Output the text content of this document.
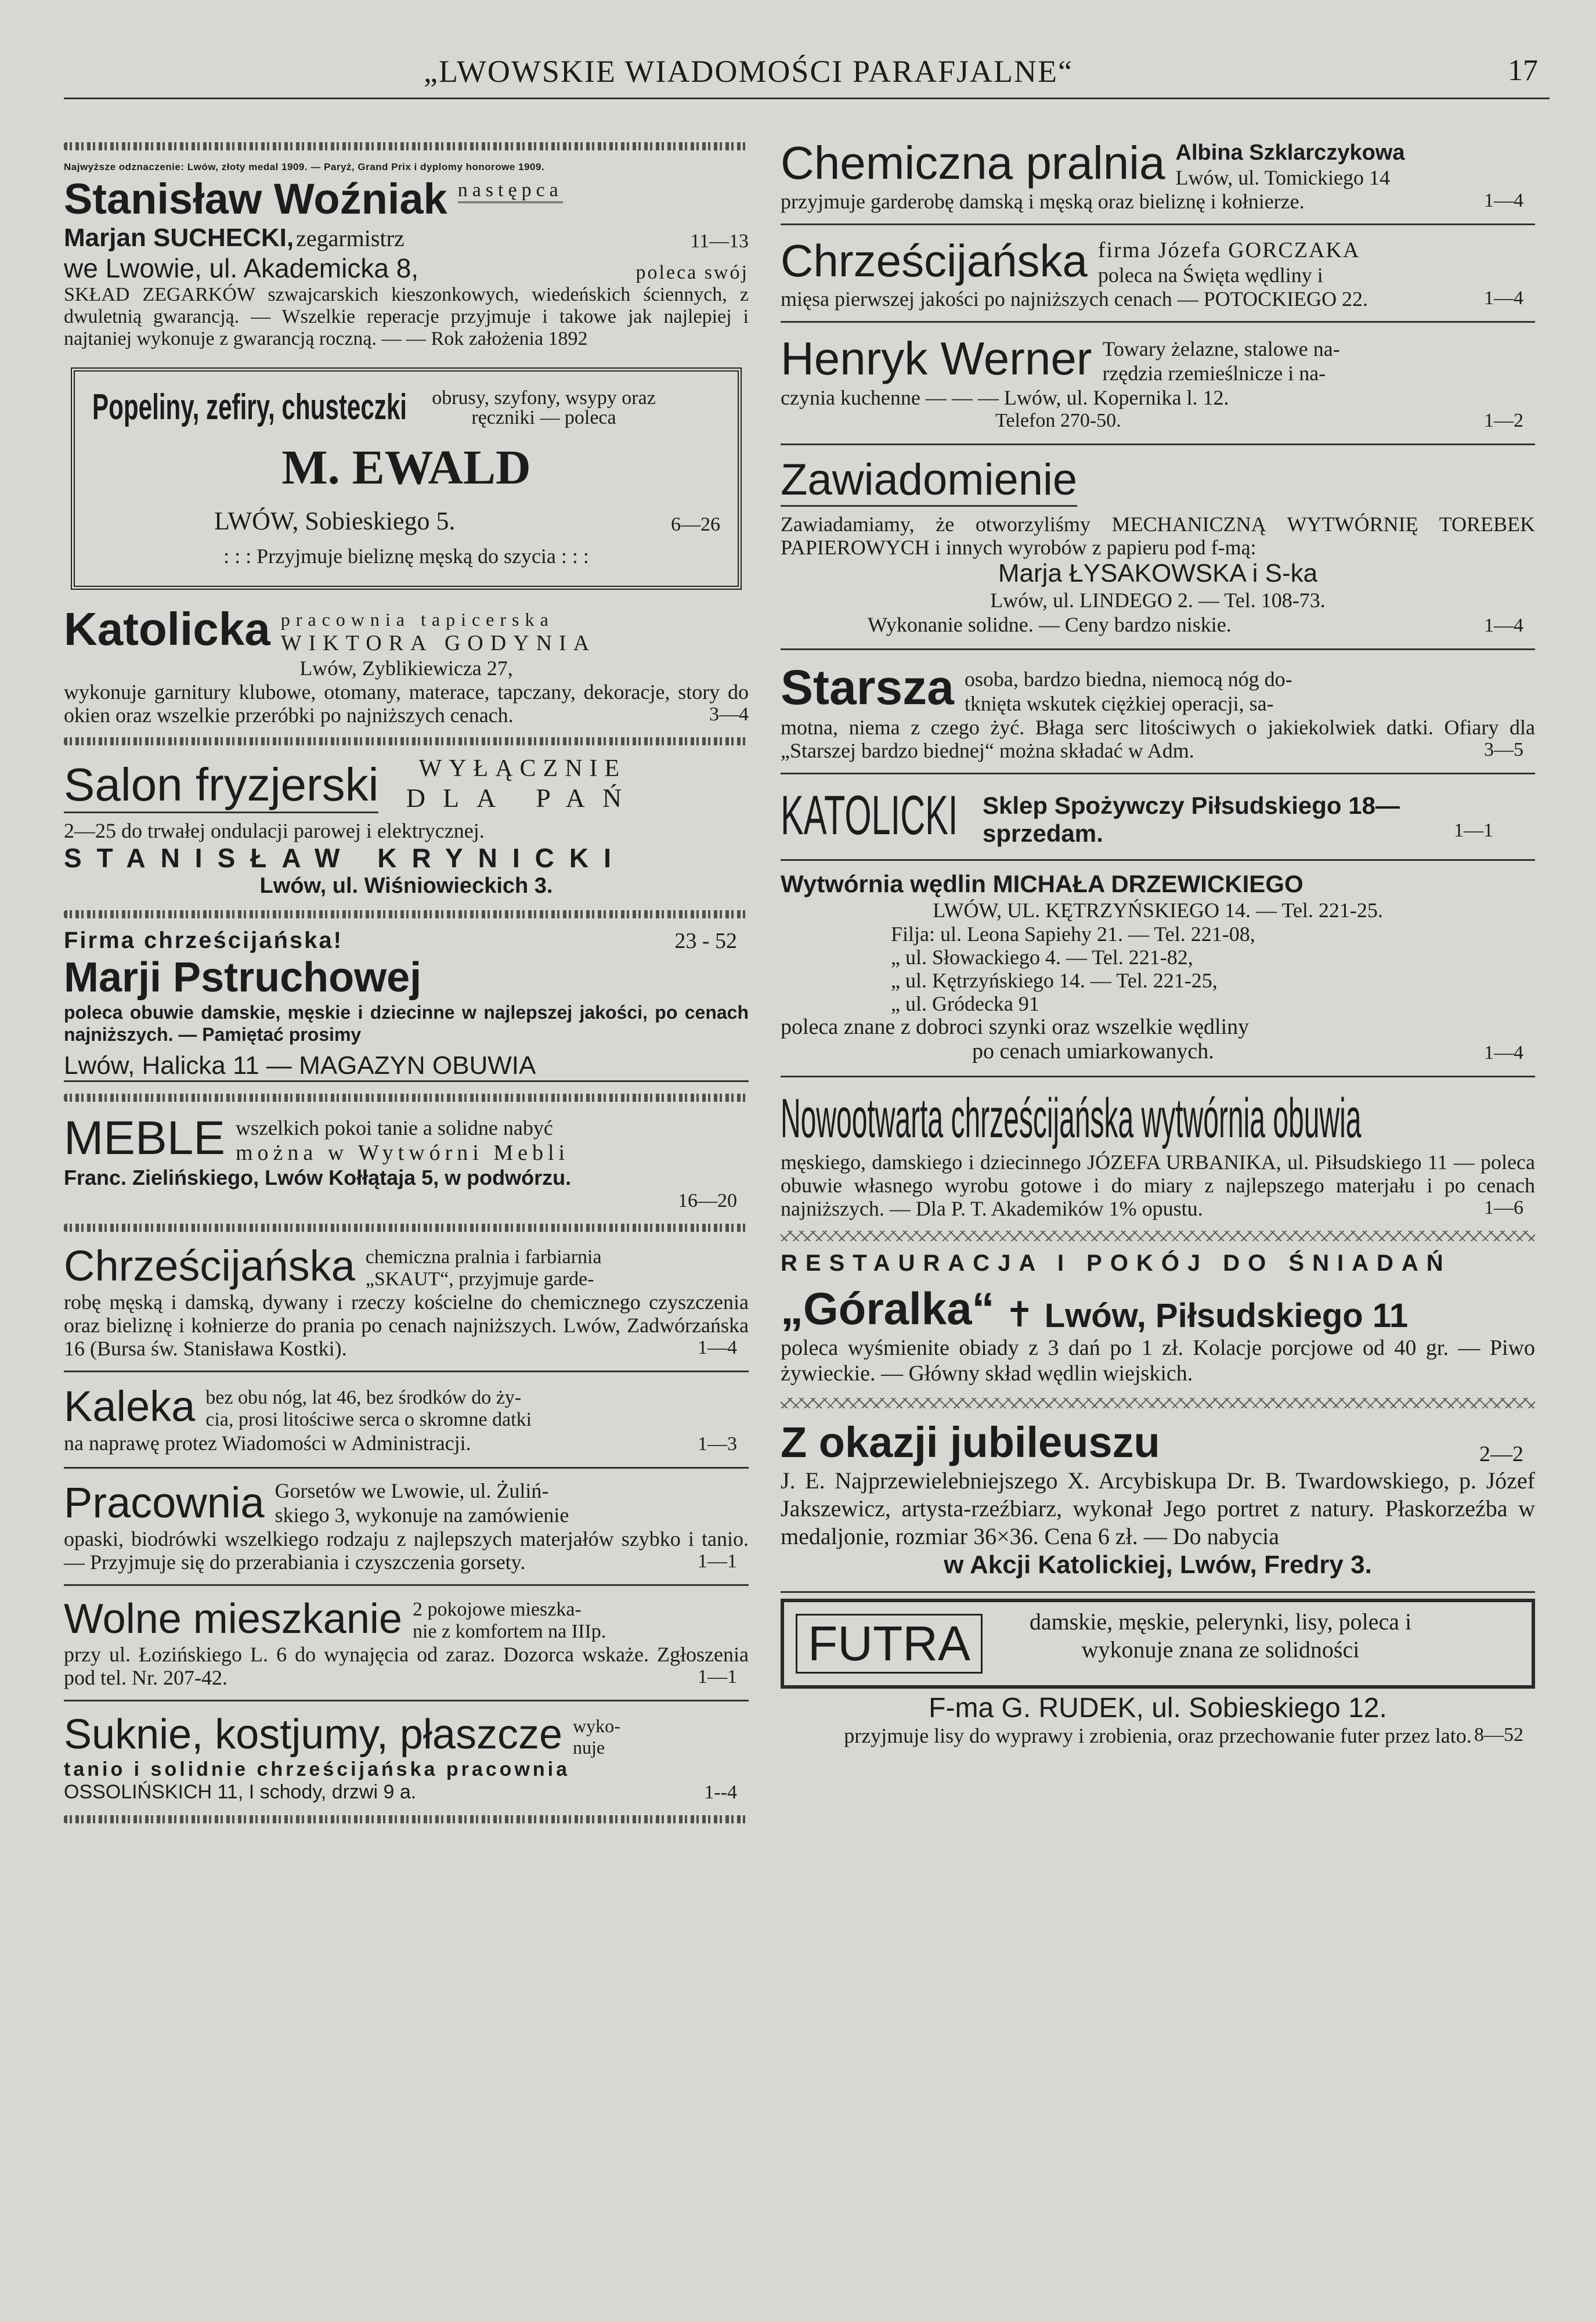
„LWOWSKIE WIADOMOŚCI PARAFJALNE“	17

Najwyższe odznaczenie: Lwów, złoty medal 1909. — Paryż, Grand Prix i dyplomy honorowe 1909.

Stanisław Woźniak następca
Marjan SUCHECKI, zegarmistrz	11—13
we Lwowie, ul. Akademicka 8,	poleca swój

SKŁAD ZEGARKÓW szwajcarskich kieszonkowych, wiedeńskich ściennych, z dwuletnią gwarancją. — Wszelkie reperacje przyjmuje i takowe jak najlepiej i najtaniej wykonuje z gwarancją roczną. — — Rok założenia 1892

Popeliny, zefiry, chusteczki	obrusy, szyfony, wsypy oraz ręczniki — poleca
M. EWALD
LWÓW, Sobieskiego 5.	6—26
: : : Przyjmuje bieliznę męską do szycia : : :
Katolicka pracownia tapicerska
WIKTORA GODYNIA
Lwów, Zyblikiewicza 27,

wykonuje garnitury klubowe, otomany, materace, tapczany, dekoracje, story do okien oraz wszelkie przeróbki po najniższych cenach.	3—4
Salon fryzjerski WYŁĄCZNIE
DLA PAŃ

2—25 do trwałej ondulacji parowej i elektrycznej.

STANISŁAW KRYNICKI
Lwów, ul. Wiśniowieckich 3.
Firma chrześcijańska!	23 - 52
Marji Pstruchowej

poleca obuwie damskie, męskie i dziecinne w najlepszej jakości, po cenach najniższych. — Pamiętać prosimy

Lwów, Halicka 11 — MAGAZYN OBUWIA
MEBLE wszelkich pokoi tanie a solidne nabyć
można w Wytwórni Mebli
Franc. Zielińskiego, Lwów Kołłątaja 5, w podwórzu.
16—20
Chrześcijańska chemiczna pralnia i farbiarnia
„SKAUT“, przyjmuje garde-

robę męską i damską, dywany i rzeczy kościelne do chemicznego czyszczenia oraz bieliznę i kołnierze do prania po cenach najniższych. Lwów, Zadwórzańska 16 (Bursa św. Stanisława Kostki).	1—4
Kaleka bez obu nóg, lat 46, bez środków do ży-
cia, prosi litościwe serca o skromne datki
na naprawę protez Wiadomości w Administracji.	1—3
Pracownia Gorsetów we Lwowie, ul. Żuliń-
skiego 3, wykonuje na zamówienie

opaski, biodrówki wszelkiego rodzaju z najlepszych materjałów szybko i tanio. — Przyjmuje się do przerabiania i czyszczenia gorsety.	1—1
Wolne mieszkanie 2 pokojowe mieszka-
nie z komfortem na IIIp.

przy ul. Łozińskiego L. 6 do wynajęcia od zaraz. Dozorca wskaże. Zgłoszenia pod tel. Nr. 207-42.	1—1
Suknie, kostjumy, płaszcze wyko-
nuje
tanio i solidnie chrześcijańska pracownia
OSSOLIŃSKICH 11, I schody, drzwi 9 a.	1--4
Chemiczna pralnia Albina Szklarczykowa
Lwów, ul. Tomickiego 14

przyjmuje garderobę damską i męską oraz bieliznę i kołnierze.	1—4
Chrześcijańska firma Józefa GORCZAKA
poleca na Święta wędliny i

mięsa pierwszej jakości po najniższych cenach — POTOCKIEGO 22.	1—4
Henryk Werner Towary żelazne, stalowe na-
rzędzia rzemieślnicze i na-
czynia kuchenne — — — Lwów, ul. Kopernika l. 12.
Telefon 270-50.	1—2
Zawiadomienie

Zawiadamiamy, że otworzyliśmy MECHANICZNĄ WYTWÓRNIĘ TOREBEK PAPIEROWYCH i innych wyrobów z papieru pod f-mą:

Marja ŁYSAKOWSKA i S-ka
Lwów, ul. LINDEGO 2. — Tel. 108-73.
Wykonanie solidne. — Ceny bardzo niskie.	1—4
Starsza osoba, bardzo biedna, niemocą nóg do-
tknięta wskutek ciężkiej operacji, sa-

motna, niema z czego żyć. Błaga serc litościwych o jakiekolwiek datki. Ofiary dla „Starszej bardzo biednej“ można składać w Adm.	3—5
KATOLICKI Sklep Spożywczy Piłsudskiego 18—
sprzedam.	1—1
Wytwórnia wędlin MICHAŁA DRZEWICKIEGO
LWÓW, UL. KĘTRZYŃSKIEGO 14. — Tel. 221-25.
Filja: ul. Leona Sapiehy 21. — Tel. 221-08,
„ ul. Słowackiego 4. — Tel. 221-82,
„ ul. Kętrzyńskiego 14. — Tel. 221-25,
„ ul. Gródecka 91

poleca znane z dobroci szynki oraz wszelkie wędliny

po cenach umiarkowanych.	1—4
Nowootwarta chrześcijańska wytwórnia obuwia

męskiego, damskiego i dziecinnego JÓZEFA URBANIKA, ul. Piłsudskiego 11 — poleca obuwie własnego wyrobu gotowe i do miary z najlepszego materjału i po cenach najniższych. — Dla P. T. Akademików 1% opustu.	1—6
RESTAURACJA I POKÓJ DO ŚNIADAŃ
„Góralka“ ✝ Lwów, Piłsudskiego 11

poleca wyśmienite obiady z 3 dań po 1 zł. Kolacje porcjowe od 40 gr. — Piwo żywieckie. — Główny skład wędlin wiejskich.

Z okazji jubileuszu	2—2

J. E. Najprzewielebniejszego X. Arcybiskupa Dr. B. Twardowskiego, p. Józef Jakszewicz, artysta-rzeźbiarz, wykonał Jego portret z natury. Płaskorzeźba w medaljonie, rozmiar 36×36. Cena 6 zł. — Do nabycia

w Akcji Katolickiej, Lwów, Fredry 3.
FUTRA	damskie, męskie, pelerynki, lisy, poleca i wykonuje znana ze solidności
F-ma G. RUDEK, ul. Sobieskiego 12.

przyjmuje lisy do wyprawy i zrobienia, oraz przechowanie futer przez lato. 8—52
